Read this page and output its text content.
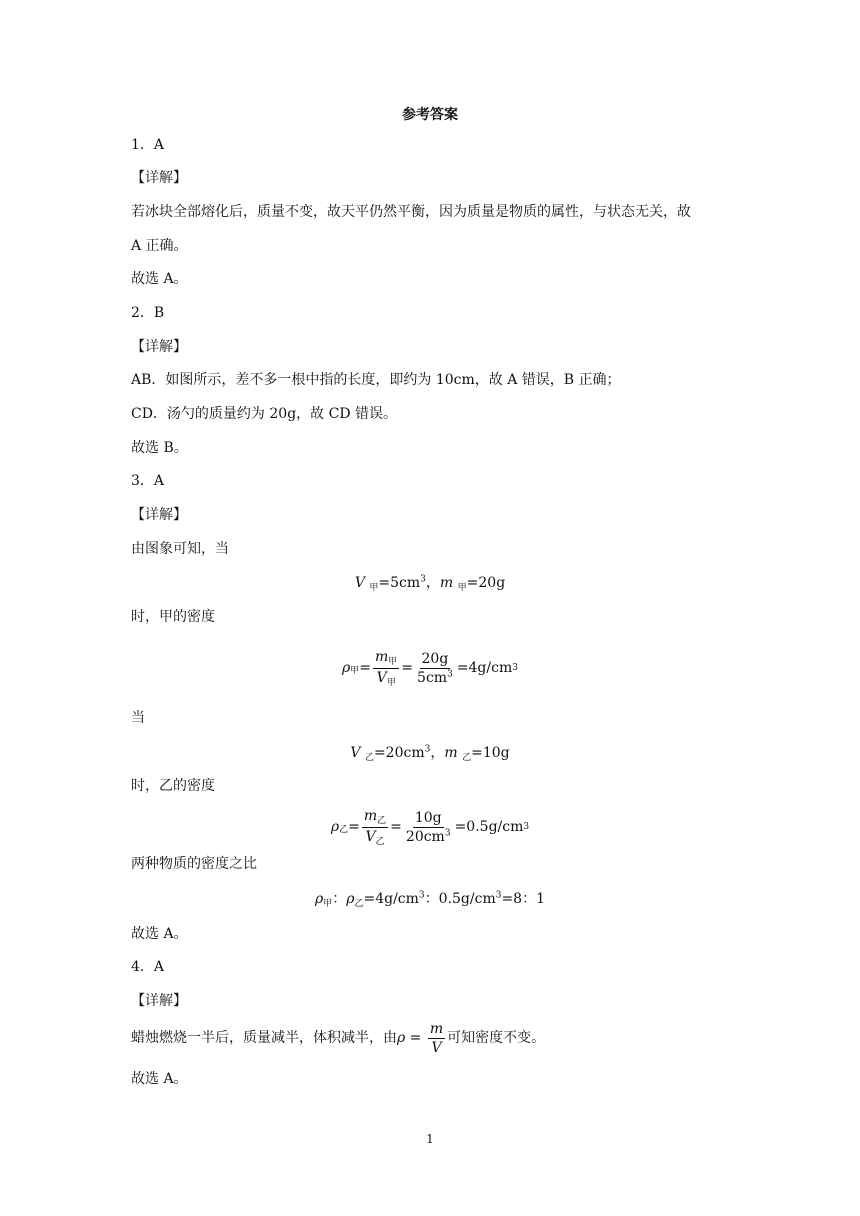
参考答案
1．A
【详解】
若冰块全部熔化后，质量不变，故天平仍然平衡，因为质量是物质的属性，与状态无关，故
A 正确。
故选 A。
2．B
【详解】
AB．如图所示，差不多一根中指的长度，即约为 10cm，故 A 错误，B 正确；
CD．汤勺的质量约为 20g，故 CD 错误。
故选 B。
3．A
【详解】
由图象可知，当
V $_甲=5cm^3$，m $_甲$=20g
时，甲的密度
ρ 甲 = $\frac{m_甲}{V_甲} = \frac{20g}{5cm^3} =4g/cm$ 3
当
V $_乙=20cm^3$，m $_乙$=10g
时，乙的密度
ρ 乙 = $\frac{m_乙}{V_乙} = \frac{10g}{20cm^3} =0.5g/cm$ 3
两种物质的密度之比
$\rho_甲$：$\rho_乙=4g/cm^3$：$0.5g/cm^3=8$：1
故选 A。
4．A
【详解】
蜡烛燃烧一半后，质量减半，体积减半，由 $\rho = \frac{m}{V}$ 可知密度不变。
故选 A。
1
